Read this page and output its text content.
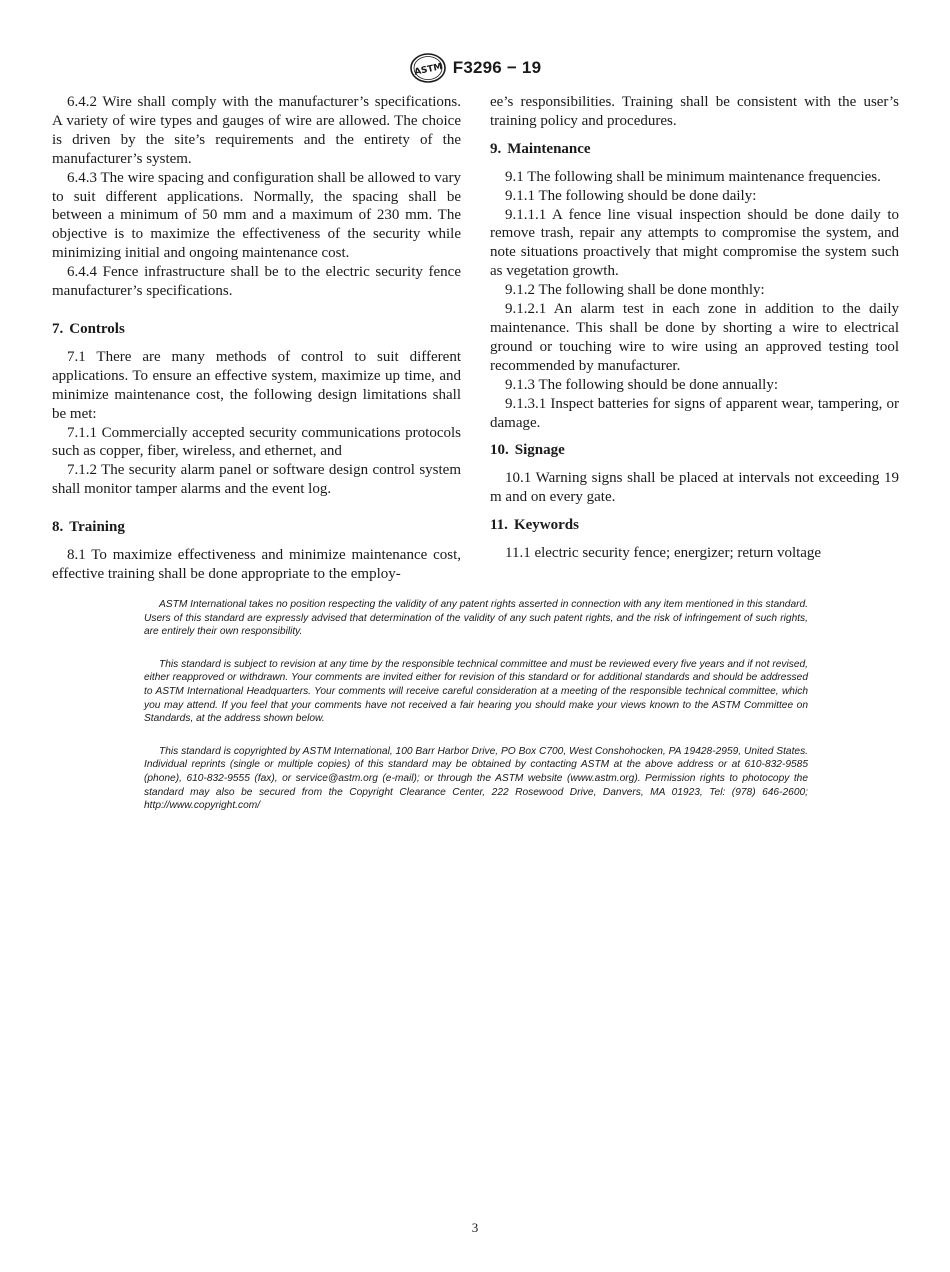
ASTM F3296 − 19

6.4.2 Wire shall comply with the manufacturer’s specifications. A variety of wire types and gauges of wire are allowed. The choice is driven by the site’s requirements and the entirety of the manufacturer’s system.

6.4.3 The wire spacing and configuration shall be allowed to vary to suit different applications. Normally, the spacing shall be between a minimum of 50 mm and a maximum of 230 mm. The objective is to maximize the effectiveness of the security while minimizing initial and ongoing maintenance cost.

6.4.4 Fence infrastructure shall be to the electric security fence manufacturer’s specifications.

7. Controls

7.1 There are many methods of control to suit different applications. To ensure an effective system, maximize up time, and minimize maintenance cost, the following design limitations shall be met:

7.1.1 Commercially accepted security communications protocols such as copper, fiber, wireless, and ethernet, and

7.1.2 The security alarm panel or software design control system shall monitor tamper alarms and the event log.

8. Training

8.1 To maximize effectiveness and minimize maintenance cost, effective training shall be done appropriate to the employ-

ee’s responsibilities. Training shall be consistent with the user’s training policy and procedures.

9. Maintenance

9.1 The following shall be minimum maintenance frequencies.

9.1.1 The following should be done daily:

9.1.1.1 A fence line visual inspection should be done daily to remove trash, repair any attempts to compromise the system, and note situations proactively that might compromise the system such as vegetation growth.

9.1.2 The following shall be done monthly:

9.1.2.1 An alarm test in each zone in addition to the daily maintenance. This shall be done by shorting a wire to electrical ground or touching wire to wire using an approved testing tool recommended by manufacturer.

9.1.3 The following should be done annually:

9.1.3.1 Inspect batteries for signs of apparent wear, tampering, or damage.

10. Signage

10.1 Warning signs shall be placed at intervals not exceeding 19 m and on every gate.

11. Keywords

11.1 electric security fence; energizer; return voltage

ASTM International takes no position respecting the validity of any patent rights asserted in connection with any item mentioned in this standard. Users of this standard are expressly advised that determination of the validity of any such patent rights, and the risk of infringement of such rights, are entirely their own responsibility.

This standard is subject to revision at any time by the responsible technical committee and must be reviewed every five years and if not revised, either reapproved or withdrawn. Your comments are invited either for revision of this standard or for additional standards and should be addressed to ASTM International Headquarters. Your comments will receive careful consideration at a meeting of the responsible technical committee, which you may attend. If you feel that your comments have not received a fair hearing you should make your views known to the ASTM Committee on Standards, at the address shown below.

This standard is copyrighted by ASTM International, 100 Barr Harbor Drive, PO Box C700, West Conshohocken, PA 19428-2959, United States. Individual reprints (single or multiple copies) of this standard may be obtained by contacting ASTM at the above address or at 610-832-9585 (phone), 610-832-9555 (fax), or service@astm.org (e-mail); or through the ASTM website (www.astm.org). Permission rights to photocopy the standard may also be secured from the Copyright Clearance Center, 222 Rosewood Drive, Danvers, MA 01923, Tel: (978) 646-2600; http://www.copyright.com/

3
